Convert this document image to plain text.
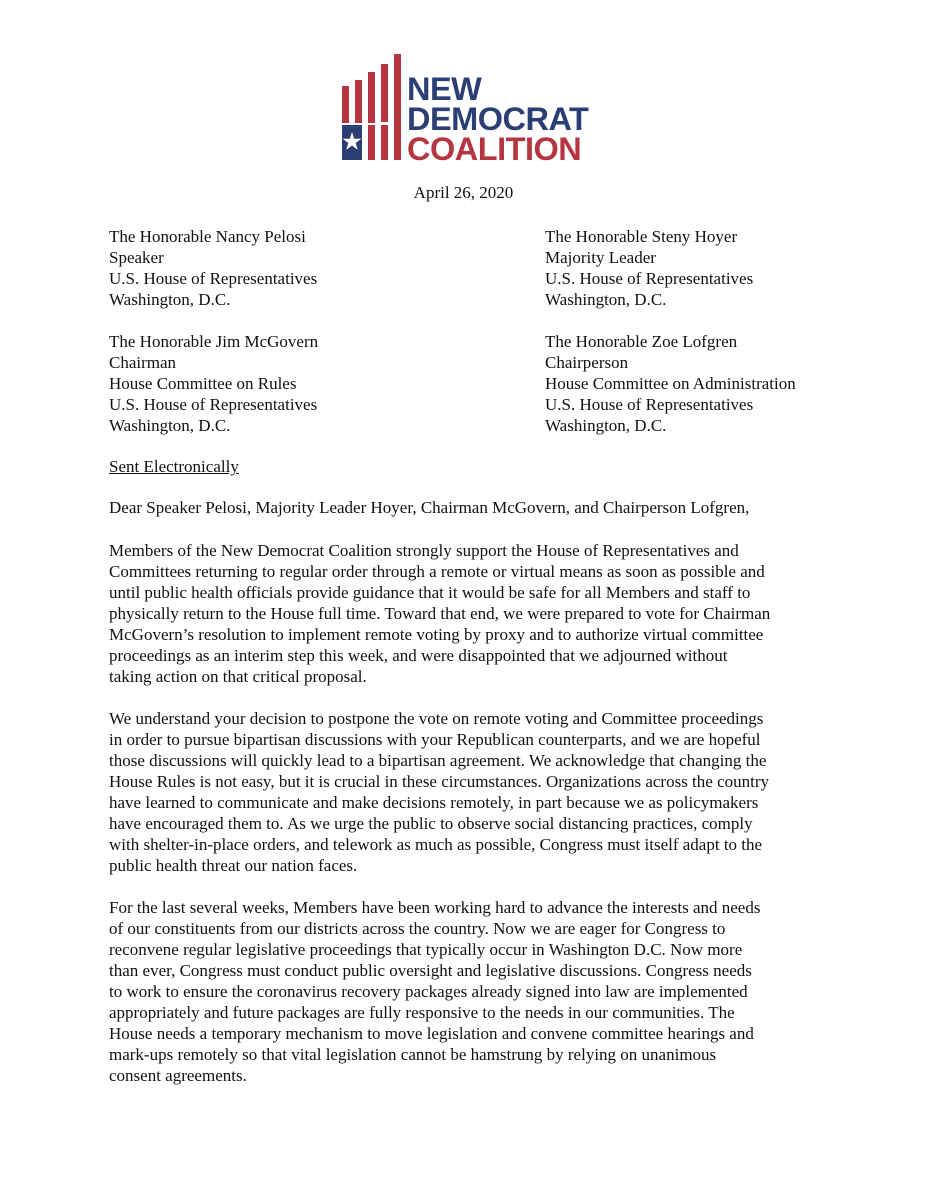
NEW
DEMOCRAT
COALITION
April 26, 2020
The Honorable Nancy Pelosi
Speaker
U.S. House of Representatives
Washington, D.C.
The Honorable Steny Hoyer
Majority Leader
U.S. House of Representatives
Washington, D.C.
The Honorable Jim McGovern
Chairman
House Committee on Rules
U.S. House of Representatives
Washington, D.C.
The Honorable Zoe Lofgren
Chairperson
House Committee on Administration
U.S. House of Representatives
Washington, D.C.
Sent Electronically
Dear Speaker Pelosi, Majority Leader Hoyer, Chairman McGovern, and Chairperson Lofgren,
Members of the New Democrat Coalition strongly support the House of Representatives and
Committees returning to regular order through a remote or virtual means as soon as possible and
until public health officials provide guidance that it would be safe for all Members and staff to
physically return to the House full time. Toward that end, we were prepared to vote for Chairman
McGovern’s resolution to implement remote voting by proxy and to authorize virtual committee
proceedings as an interim step this week, and were disappointed that we adjourned without
taking action on that critical proposal.
We understand your decision to postpone the vote on remote voting and Committee proceedings
in order to pursue bipartisan discussions with your Republican counterparts, and we are hopeful
those discussions will quickly lead to a bipartisan agreement. We acknowledge that changing the
House Rules is not easy, but it is crucial in these circumstances. Organizations across the country
have learned to communicate and make decisions remotely, in part because we as policymakers
have encouraged them to. As we urge the public to observe social distancing practices, comply
with shelter-in-place orders, and telework as much as possible, Congress must itself adapt to the
public health threat our nation faces.
For the last several weeks, Members have been working hard to advance the interests and needs
of our constituents from our districts across the country. Now we are eager for Congress to
reconvene regular legislative proceedings that typically occur in Washington D.C. Now more
than ever, Congress must conduct public oversight and legislative discussions. Congress needs
to work to ensure the coronavirus recovery packages already signed into law are implemented
appropriately and future packages are fully responsive to the needs in our communities. The
House needs a temporary mechanism to move legislation and convene committee hearings and
mark-ups remotely so that vital legislation cannot be hamstrung by relying on unanimous
consent agreements.
